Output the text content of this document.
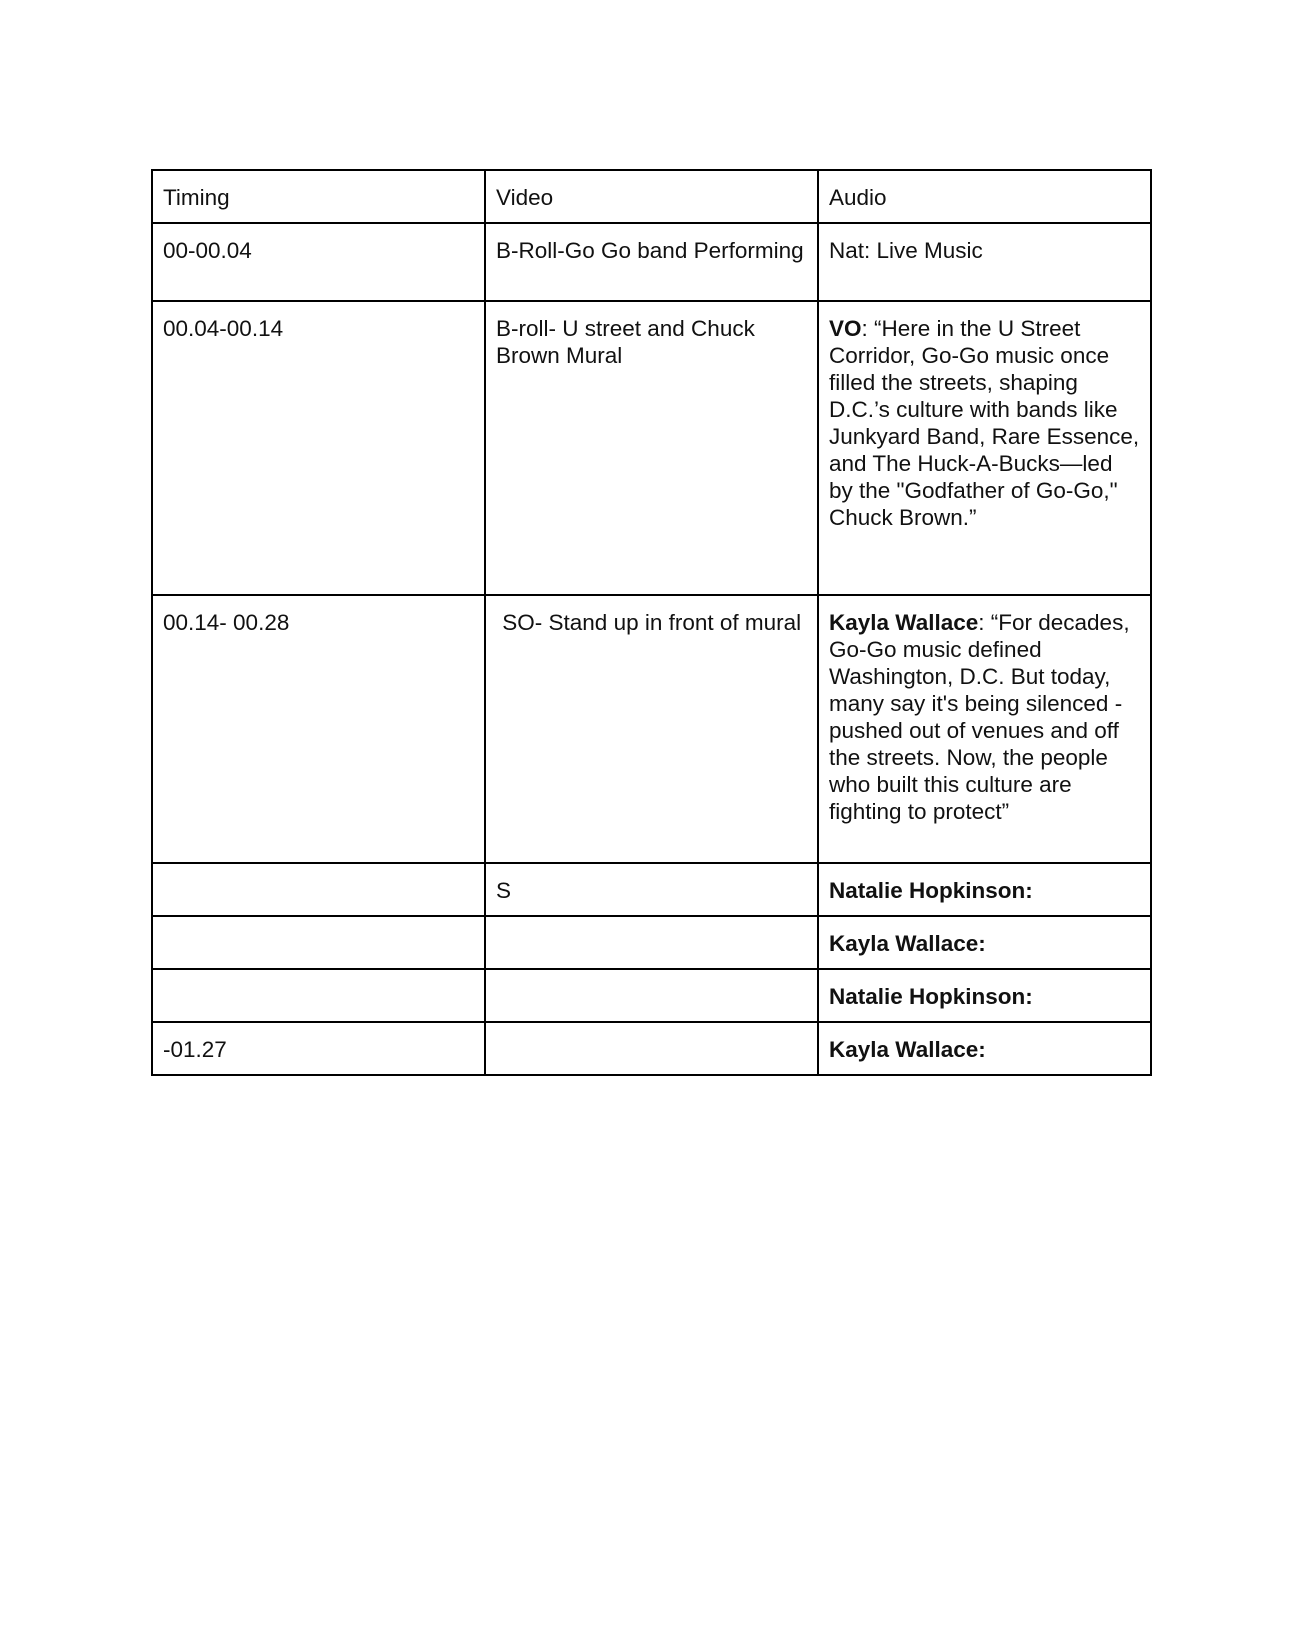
Timing	Video	Audio

00-00.04	B-Roll-Go Go band Performing	Nat: Live Music

00.04-00.14	B-roll- U street and Chuck Brown Mural	VO: “Here in the U Street Corridor, Go-Go music once filled the streets, shaping D.C.’s culture with bands like Junkyard Band, Rare Essence, and The Huck-A-Bucks—led by the "Godfather of Go-Go," Chuck Brown.”

00.14- 00.28	SO- Stand up in front of mural	Kayla Wallace: “For decades, Go-Go music defined Washington, D.C. But today, many say it's being silenced -pushed out of venues and off the streets. Now, the people who built this culture are
fighting to protect”

	S	Natalie Hopkinson:

		Kayla Wallace:

		Natalie Hopkinson:

-01.27		Kayla Wallace:
